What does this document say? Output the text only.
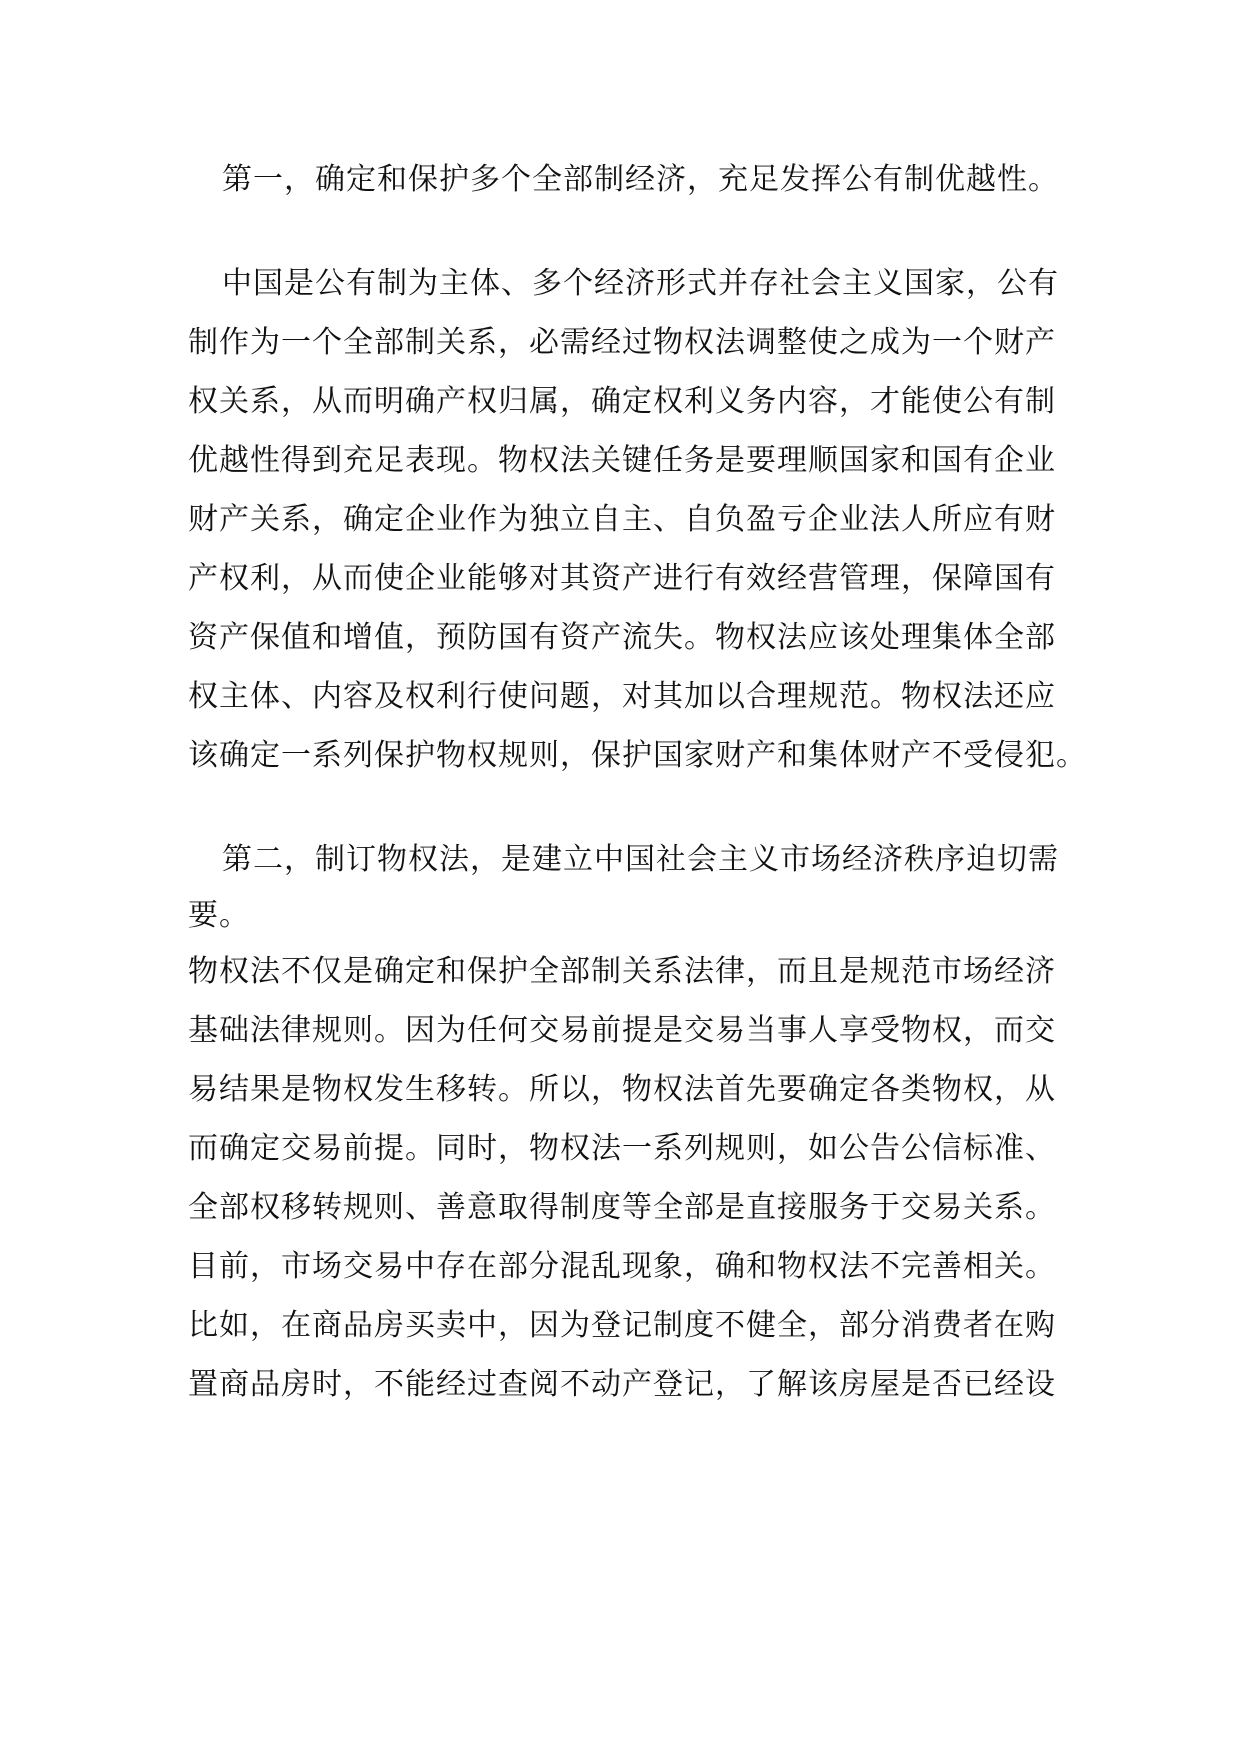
第一，确定和保护多个全部制经济，充足发挥公有制优越性。

中国是公有制为主体、多个经济形式并存社会主义国家，公有

制作为一个全部制关系，必需经过物权法调整使之成为一个财产

权关系，从而明确产权归属，确定权利义务内容，才能使公有制

优越性得到充足表现。物权法关键任务是要理顺国家和国有企业

财产关系，确定企业作为独立自主、自负盈亏企业法人所应有财

产权利，从而使企业能够对其资产进行有效经营管理，保障国有

资产保值和增值，预防国有资产流失。物权法应该处理集体全部

权主体、内容及权利行使问题，对其加以合理规范。物权法还应

该确定一系列保护物权规则，保护国家财产和集体财产不受侵犯。

第二，制订物权法，是建立中国社会主义市场经济秩序迫切需

要。

物权法不仅是确定和保护全部制关系法律，而且是规范市场经济

基础法律规则。因为任何交易前提是交易当事人享受物权，而交

易结果是物权发生移转。所以，物权法首先要确定各类物权，从

而确定交易前提。同时，物权法一系列规则，如公告公信标准、

全部权移转规则、善意取得制度等全部是直接服务于交易关系。

目前，市场交易中存在部分混乱现象，确和物权法不完善相关。

比如，在商品房买卖中，因为登记制度不健全，部分消费者在购

置商品房时，不能经过查阅不动产登记，了解该房屋是否已经设
